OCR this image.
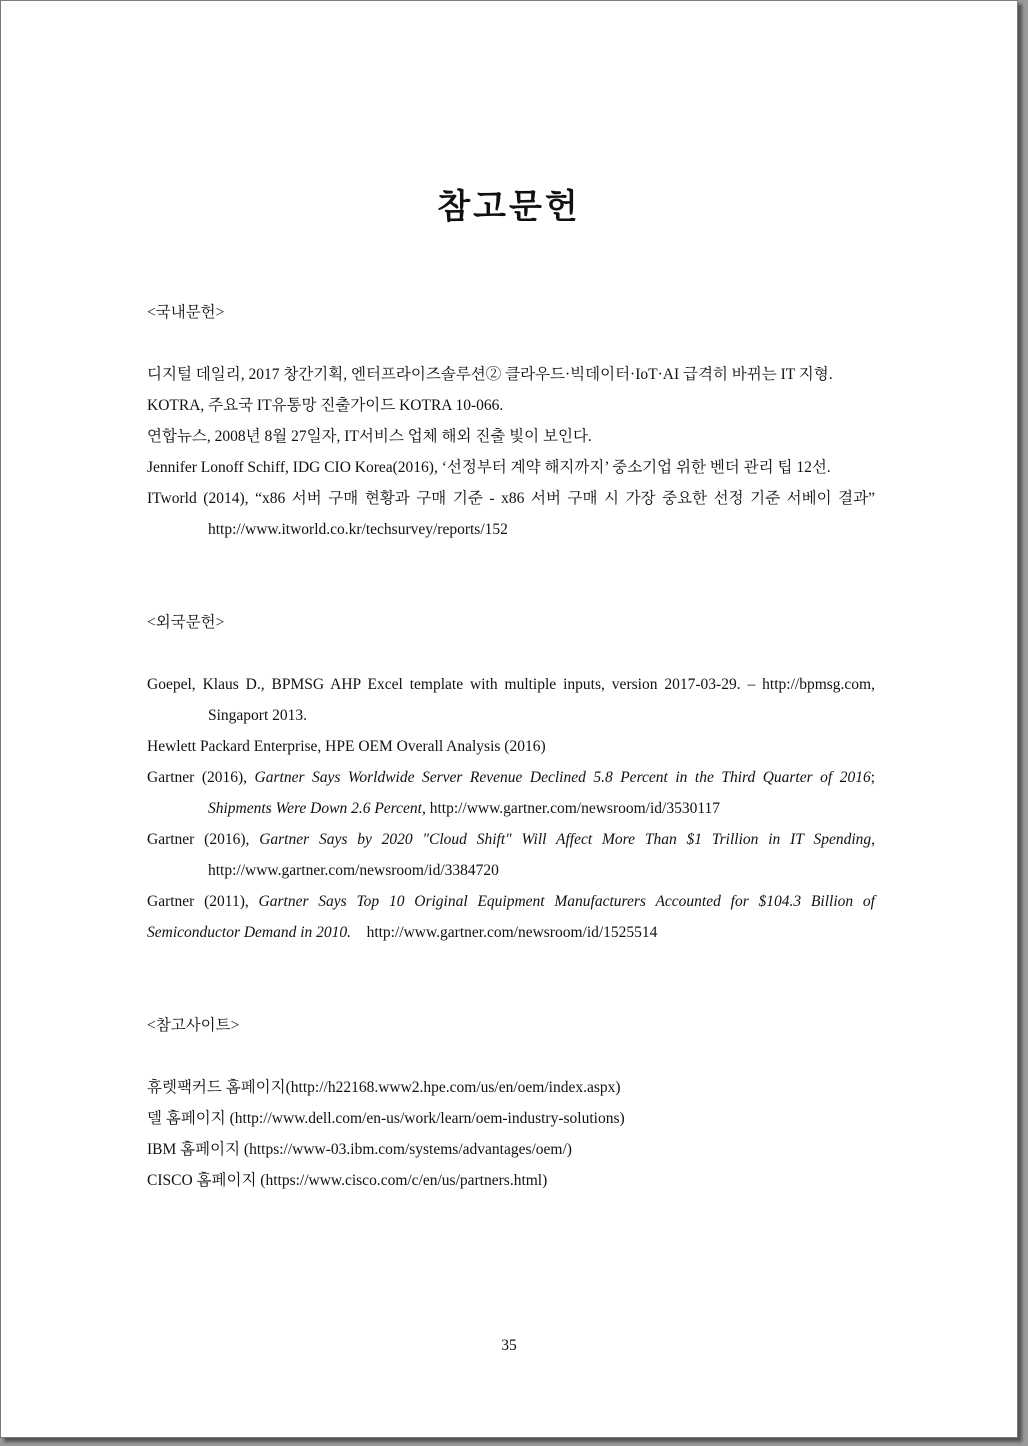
참고문헌

<국내문헌>

디지털 데일리, 2017 창간기획, 엔터프라이즈솔루션② 클라우드·빅데이터·IoT·AI 급격히 바뀌는 IT 지형.

KOTRA, 주요국 IT유통망 진출가이드 KOTRA 10-066.

연합뉴스, 2008년 8월 27일자, IT서비스 업체 해외 진출 빛이 보인다.

Jennifer Lonoff Schiff, IDG CIO Korea(2016), ‘선정부터 계약 해지까지’ 중소기업 위한 벤더 관리 팁 12선.

ITworld (2014), “x86 서버 구매 현황과 구매 기준 - x86 서버 구매 시 가장 중요한 선정 기준 서베이 결과” http://www.itworld.co.kr/techsurvey/reports/152

<외국문헌>

Goepel, Klaus D., BPMSG AHP Excel template with multiple inputs, version 2017-03-29. – http://bpmsg.com, Singaport 2013.

Hewlett Packard Enterprise, HPE OEM Overall Analysis (2016)

Gartner (2016), Gartner Says Worldwide Server Revenue Declined 5.8 Percent in the Third Quarter of 2016; Shipments Were Down 2.6 Percent, http://www.gartner.com/newsroom/id/3530117

Gartner (2016), Gartner Says by 2020 "Cloud Shift" Will Affect More Than $1 Trillion in IT Spending, http://www.gartner.com/newsroom/id/3384720

Gartner (2011), Gartner Says Top 10 Original Equipment Manufacturers Accounted for $104.3 Billion of Semiconductor Demand in 2010.    http://www.gartner.com/newsroom/id/1525514

<참고사이트>

휴렛팩커드 홈페이지(http://h22168.www2.hpe.com/us/en/oem/index.aspx)

델 홈페이지 (http://www.dell.com/en-us/work/learn/oem-industry-solutions)

IBM 홈페이지 (https://www-03.ibm.com/systems/advantages/oem/)

CISCO 홈페이지 (https://www.cisco.com/c/en/us/partners.html)

35
